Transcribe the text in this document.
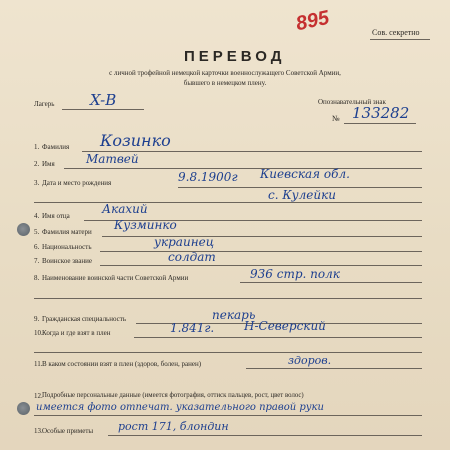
895	Сов. секретно
ПЕРЕВОД
с личной трофейной немецкой карточки военнослужащего Советской Армии,
бывшего в немецком плену.
Лагерь X-B	Опознавательный знак
№ 133282
1. Фамилия Козинко
2. Имя	Матвей
3. Дата и место рождения	9.8.1900г Киевская обл.
с. Кулейки
4. Имя отца	Акахий
5. Фамилия матери Кузминко
6. Национальность	украинец
7. Воинское звание	солдат
8. Наименование воинской части Советской Армии	936 стр. полк
9. Гражданская специальность	пекарь
10. Когда и где взят в плен	1.841г. Н-Северский
11. В каком состоянии взят в плен (здоров, болен, ранен)	здоров.
12. Подробные персональные данные (имеется фотография, оттиск пальцев, рост, цвет волос)
имеется фото отпечат. указательного правой руки
13. Особые приметы рост 171, блондин
